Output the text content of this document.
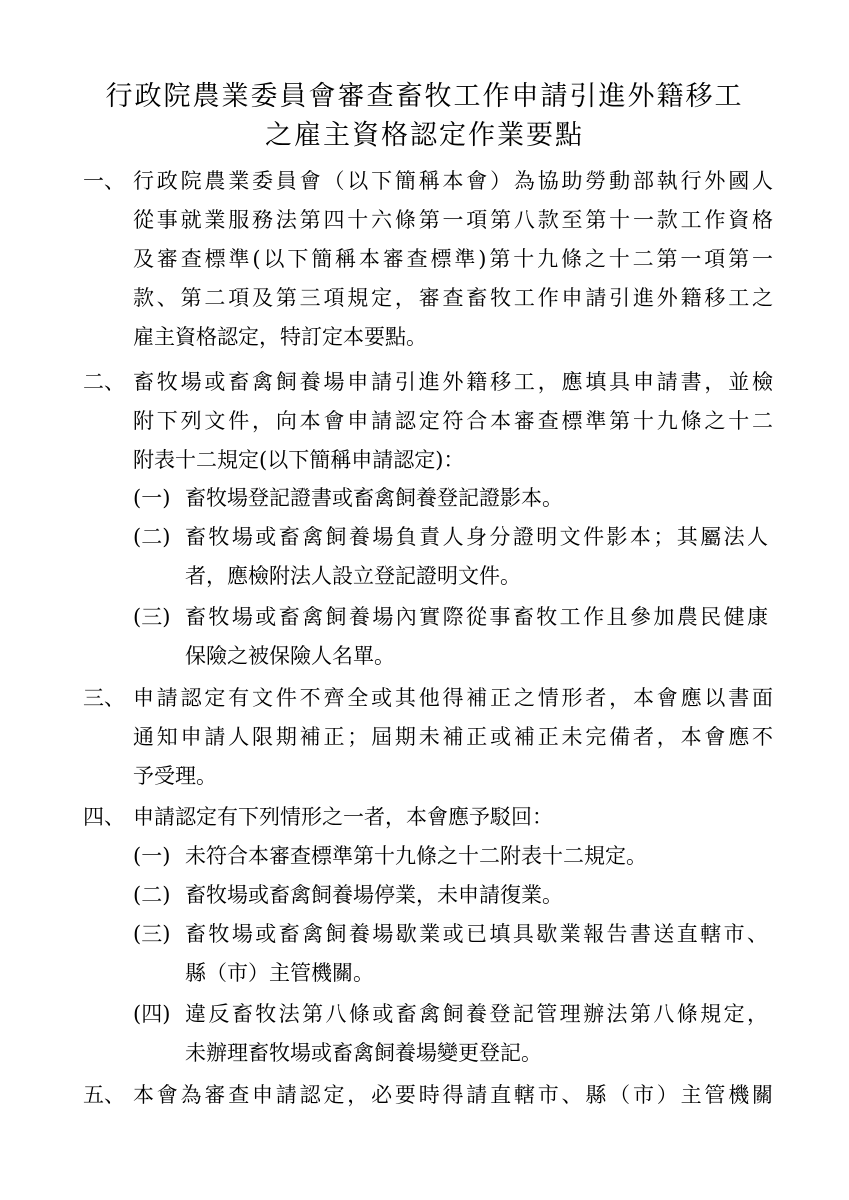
行政院農業委員會審查畜牧工作申請引進外籍移工
之雇主資格認定作業要點
一、 行政院農業委員會（以下簡稱本會）為協助勞動部執行外國人
從事就業服務法第四十六條第一項第八款至第十一款工作資格
及審查標準(以下簡稱本審查標準)第十九條之十二第一項第一
款、第二項及第三項規定，審查畜牧工作申請引進外籍移工之
雇主資格認定，特訂定本要點。
二、 畜牧場或畜禽飼養場申請引進外籍移工，應填具申請書，並檢
附下列文件，向本會申請認定符合本審查標準第十九條之十二
附表十二規定(以下簡稱申請認定)：
(一) 畜牧場登記證書或畜禽飼養登記證影本。
(二) 畜牧場或畜禽飼養場負責人身分證明文件影本；其屬法人
者，應檢附法人設立登記證明文件。
(三) 畜牧場或畜禽飼養場內實際從事畜牧工作且參加農民健康
保險之被保險人名單。
三、 申請認定有文件不齊全或其他得補正之情形者，本會應以書面
通知申請人限期補正；屆期未補正或補正未完備者，本會應不
予受理。
四、 申請認定有下列情形之一者，本會應予駁回：
(一) 未符合本審查標準第十九條之十二附表十二規定。
(二) 畜牧場或畜禽飼養場停業，未申請復業。
(三) 畜牧場或畜禽飼養場歇業或已填具歇業報告書送直轄市、
縣（市）主管機關。
(四) 違反畜牧法第八條或畜禽飼養登記管理辦法第八條規定，
未辦理畜牧場或畜禽飼養場變更登記。
五、 本會為審查申請認定，必要時得請直轄市、縣（市）主管機關
